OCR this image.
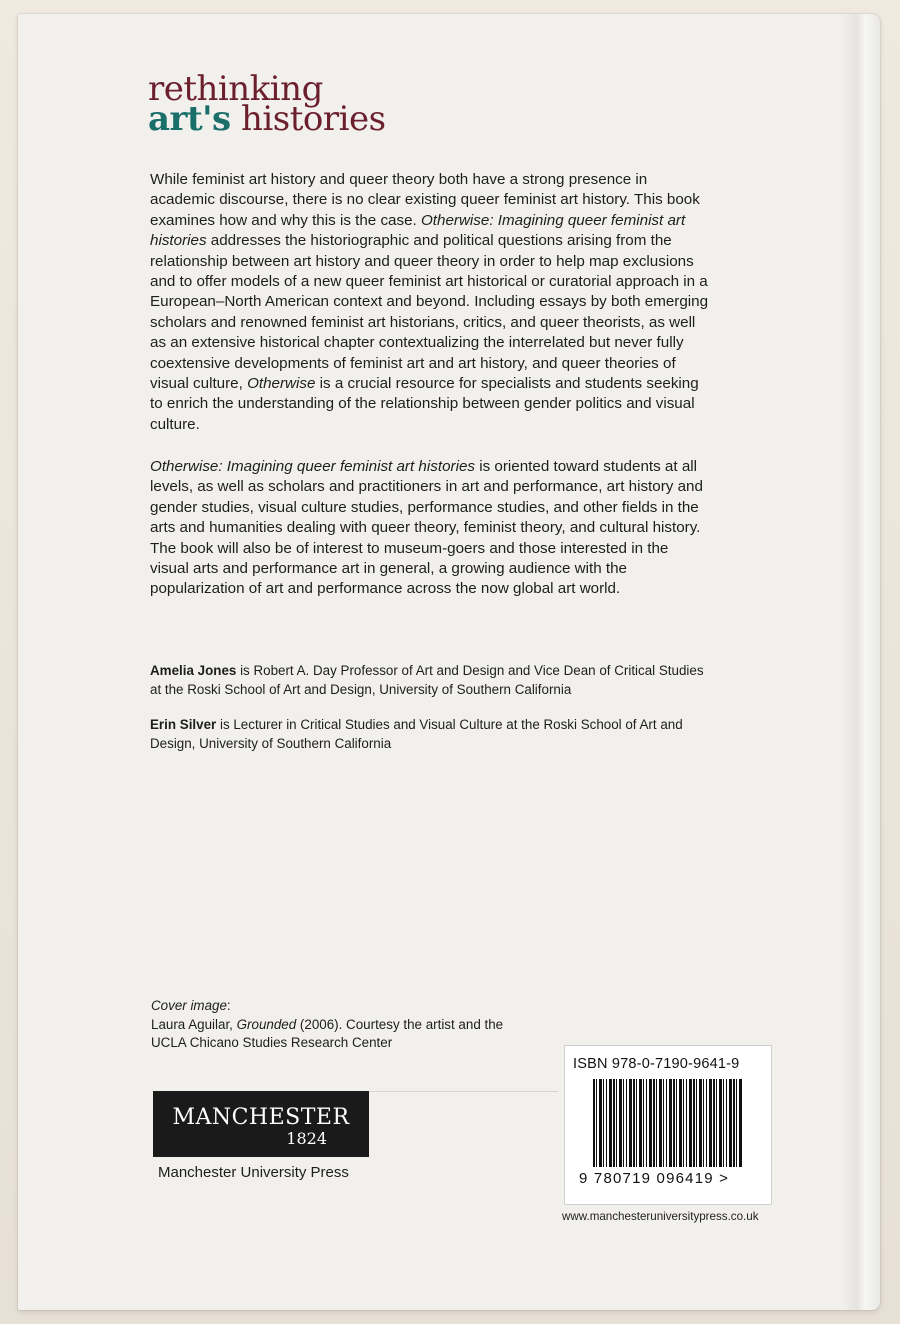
rethinking
art's histories
While feminist art history and queer theory both have a strong presence in academic discourse, there is no clear existing queer feminist art history. This book examines how and why this is the case. Otherwise: Imagining queer feminist art histories addresses the historiographic and political questions arising from the relationship between art history and queer theory in order to help map exclusions and to offer models of a new queer feminist art historical or curatorial approach in a European–North American context and beyond. Including essays by both emerging scholars and renowned feminist art historians, critics, and queer theorists, as well as an extensive historical chapter contextualizing the interrelated but never fully coextensive developments of feminist art and art history, and queer theories of visual culture, Otherwise is a crucial resource for specialists and students seeking to enrich the understanding of the relationship between gender politics and visual culture.
Otherwise: Imagining queer feminist art histories is oriented toward students at all levels, as well as scholars and practitioners in art and performance, art history and gender studies, visual culture studies, performance studies, and other fields in the arts and humanities dealing with queer theory, feminist theory, and cultural history. The book will also be of interest to museum-goers and those interested in the visual arts and performance art in general, a growing audience with the popularization of art and performance across the now global art world.
Amelia Jones is Robert A. Day Professor of Art and Design and Vice Dean of Critical Studies at the Roski School of Art and Design, University of Southern California
Erin Silver is Lecturer in Critical Studies and Visual Culture at the Roski School of Art and Design, University of Southern California
Cover image:
Laura Aguilar, Grounded (2006). Courtesy the artist and the UCLA Chicano Studies Research Center
MANCHESTER
1824
Manchester University Press
ISBN 978-0-7190-9641-9
9 780719 096419 >
www.manchesteruniversitypress.co.uk
